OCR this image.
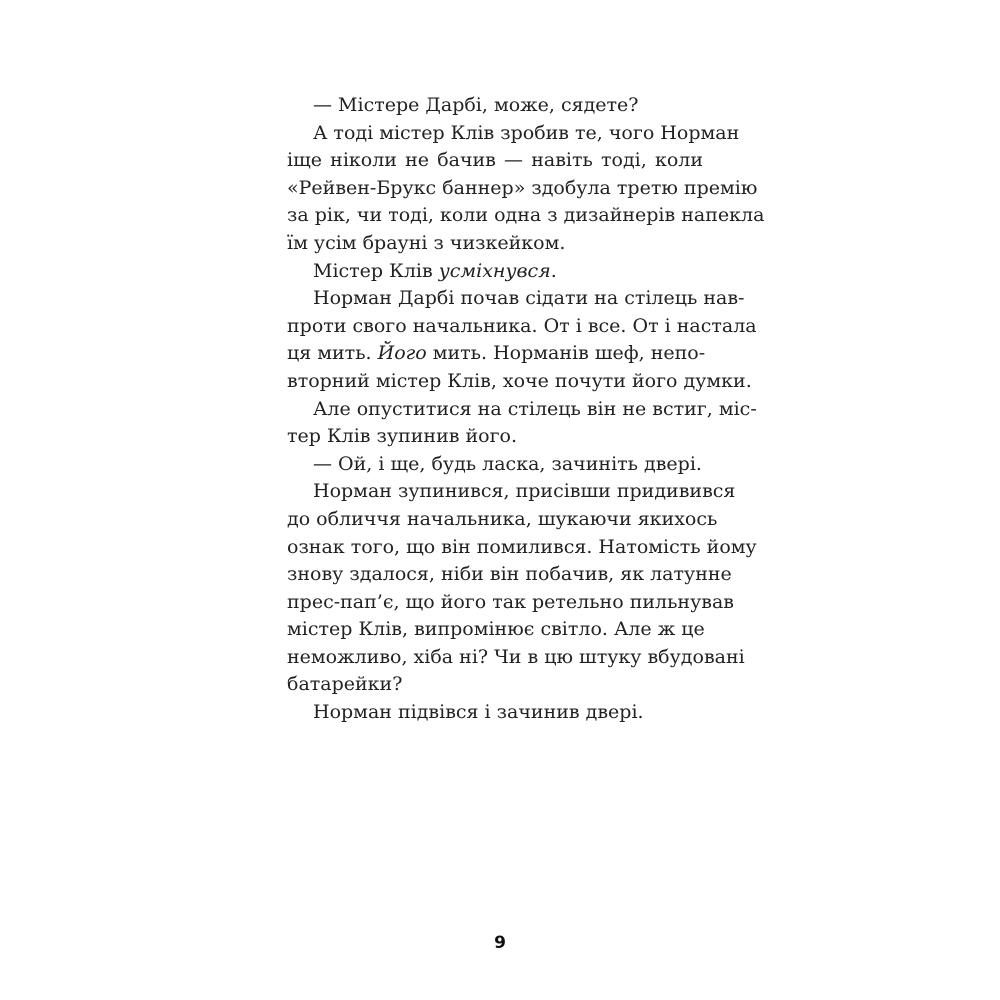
— Містере Дарбі, може, сядете?
А тоді містер Клів зробив те, чого Норман
іще ніколи не бачив — навіть тоді, коли
«Рейвен-Брукс баннер» здобула третю премію
за рік, чи тоді, коли одна з дизайнерів напекла
їм усім брауні з чизкейком.
Містер Клів усміхнувся.
Норман Дарбі почав сідати на стілець нав-
проти свого начальника. От і все. От і настала
ця мить. Його мить. Норманів шеф, непо-
вторний містер Клів, хоче почути його думки.
Але опуститися на стілець він не встиг, міс-
тер Клів зупинив його.
— Ой, і ще, будь ласка, зачиніть двері.
Норман зупинився, присівши придивився
до обличчя начальника, шукаючи якихось
ознак того, що він помилився. Натомість йому
знову здалося, ніби він побачив, як латунне
прес-пап’є, що його так ретельно пильнував
містер Клів, випромінює світло. Але ж це
неможливо, хіба ні? Чи в цю штуку вбудовані
батарейки?
Норман підвівся і зачинив двері.
9
